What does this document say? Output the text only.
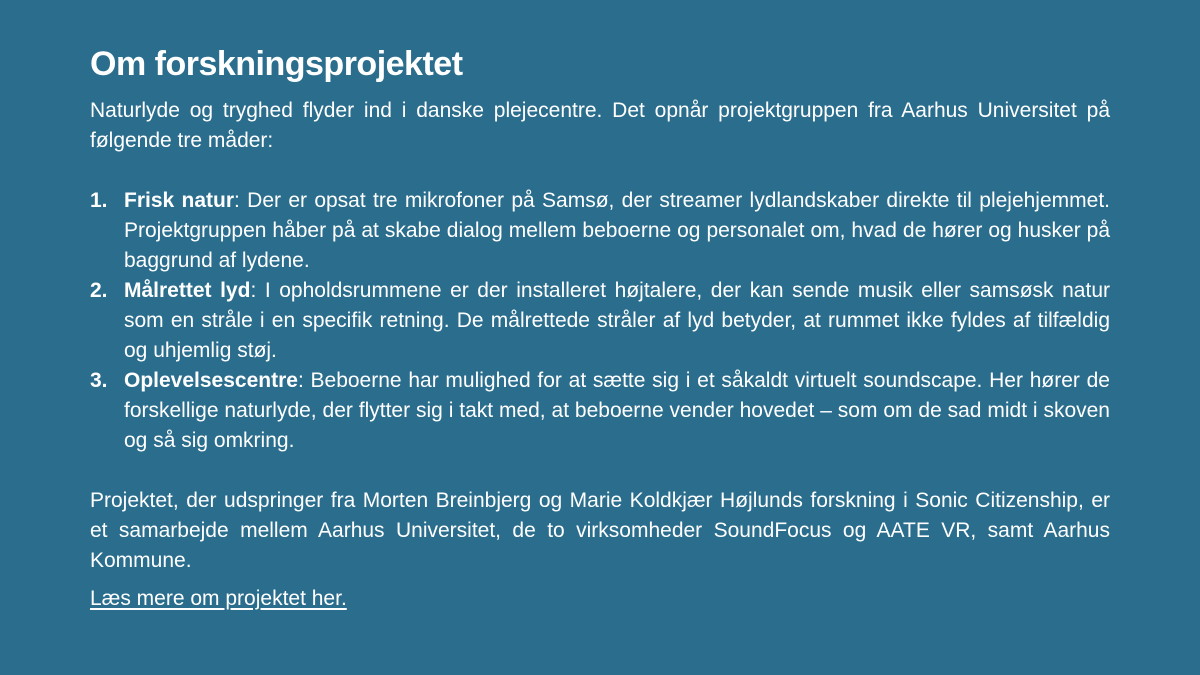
Om forskningsprojektet

Naturlyde og tryghed flyder ind i danske plejecentre. Det opnår projektgruppen fra Aarhus Universitet på følgende tre måder:

1. Frisk natur: Der er opsat tre mikrofoner på Samsø, der streamer lydlandskaber direkte til plejehjemmet. Projektgruppen håber på at skabe dialog mellem beboerne og personalet om, hvad de hører og husker på baggrund af lydene.
2. Målrettet lyd: I opholdsrummene er der installeret højtalere, der kan sende musik eller samsøsk natur som en stråle i en specifik retning. De målrettede stråler af lyd betyder, at rummet ikke fyldes af tilfældig og uhjemlig støj.
3. Oplevelsescentre: Beboerne har mulighed for at sætte sig i et såkaldt virtuelt soundscape. Her hører de forskellige naturlyde, der flytter sig i takt med, at beboerne vender hovedet – som om de sad midt i skoven og så sig omkring.

Projektet, der udspringer fra Morten Breinbjerg og Marie Koldkjær Højlunds forskning i Sonic Citizenship, er et samarbejde mellem Aarhus Universitet, de to virksomheder SoundFocus og AATE VR, samt Aarhus Kommune.

Læs mere om projektet her.
